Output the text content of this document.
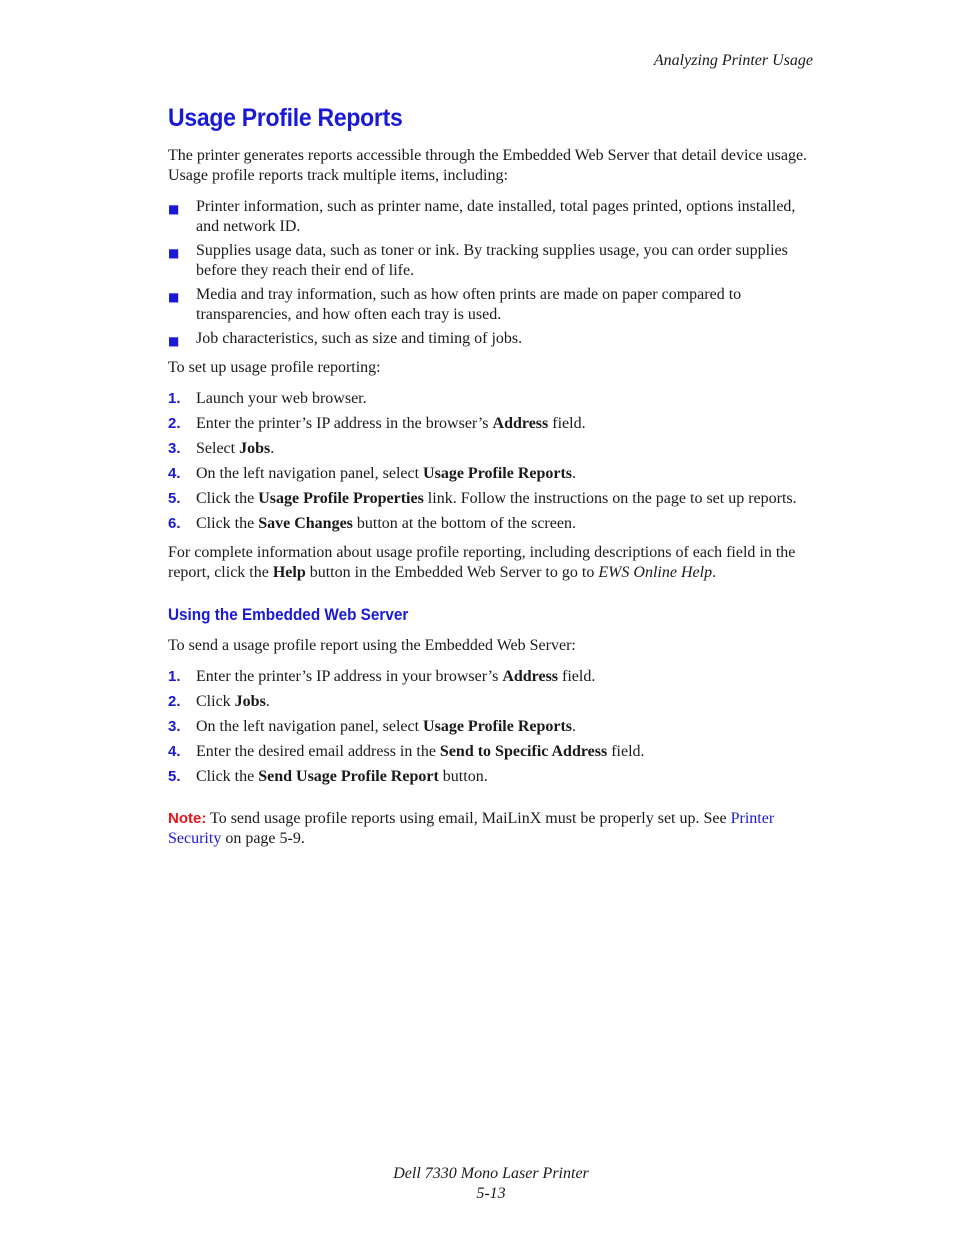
Analyzing Printer Usage
Usage Profile Reports

The printer generates reports accessible through the Embedded Web Server that detail device usage. Usage profile reports track multiple items, including:

■ Printer information, such as printer name, date installed, total pages printed, options installed, and network ID.
■ Supplies usage data, such as toner or ink. By tracking supplies usage, you can order supplies before they reach their end of life.
■ Media and tray information, such as how often prints are made on paper compared to transparencies, and how often each tray is used.
■ Job characteristics, such as size and timing of jobs.

To set up usage profile reporting:

1. Launch your web browser.
2. Enter the printer’s IP address in the browser’s Address field.
3. Select Jobs.
4. On the left navigation panel, select Usage Profile Reports.
5. Click the Usage Profile Properties link. Follow the instructions on the page to set up reports.
6. Click the Save Changes button at the bottom of the screen.

For complete information about usage profile reporting, including descriptions of each field in the report, click the Help button in the Embedded Web Server to go to EWS Online Help.

Using the Embedded Web Server

To send a usage profile report using the Embedded Web Server:

1. Enter the printer’s IP address in your browser’s Address field.
2. Click Jobs.
3. On the left navigation panel, select Usage Profile Reports.
4. Enter the desired email address in the Send to Specific Address field.
5. Click the Send Usage Profile Report button.

Note: To send usage profile reports using email, MaiLinX must be properly set up. See Printer Security on page 5-9.

Dell 7330 Mono Laser Printer
5-13
